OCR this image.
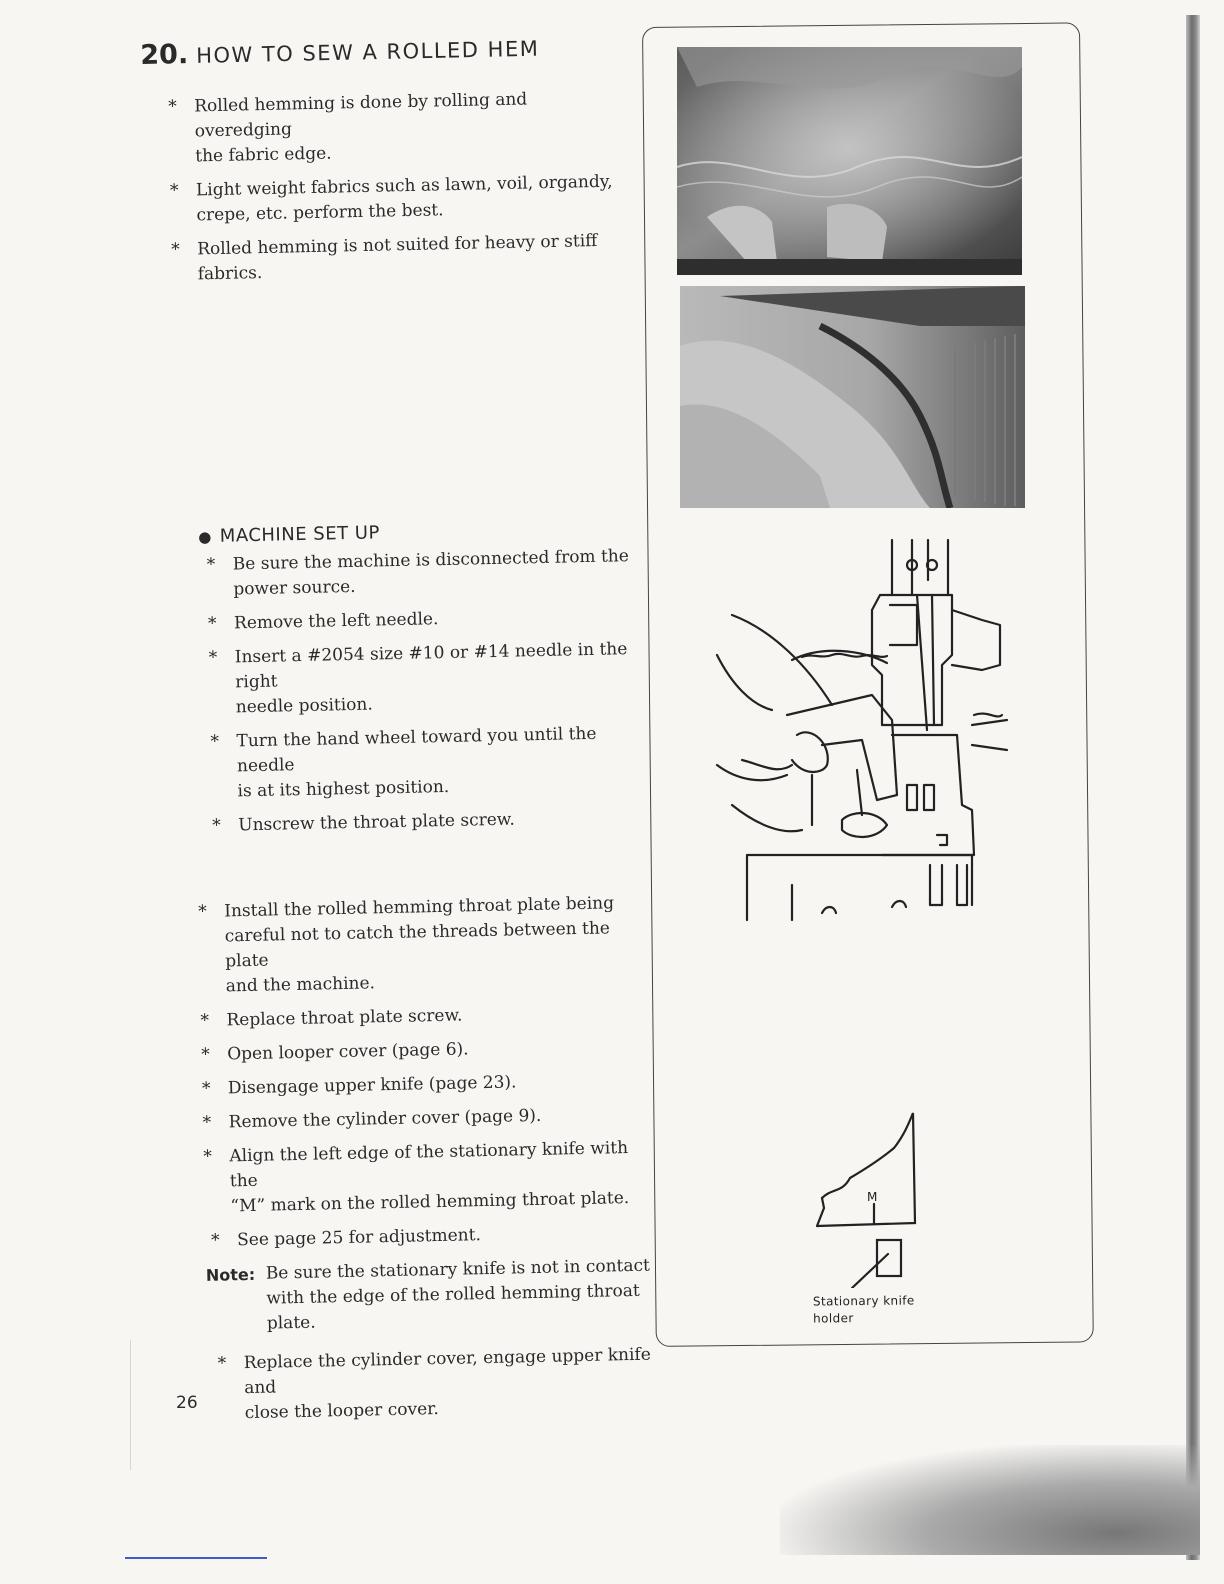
20. HOW TO SEW A ROLLED HEM
* Rolled hemming is done by rolling and overedging
the fabric edge.
* Light weight fabrics such as lawn, voil, organdy,
crepe, etc. perform the best.
* Rolled hemming is not suited for heavy or stiff
fabrics.
● MACHINE SET UP
* Be sure the machine is disconnected from the
power source.
* Remove the left needle.
* Insert a #2054 size #10 or #14 needle in the right
needle position.
* Turn the hand wheel toward you until the needle
is at its highest position.
* Unscrew the throat plate screw.
* Install the rolled hemming throat plate being
careful not to catch the threads between the plate
and the machine.
* Replace throat plate screw.
* Open looper cover (page 6).
* Disengage upper knife (page 23).
* Remove the cylinder cover (page 9).
* Align the left edge of the stationary knife with the
“M” mark on the rolled hemming throat plate.
* See page 25 for adjustment.
Note: Be sure the stationary knife is not in contact
with the edge of the rolled hemming throat
plate.
* Replace the cylinder cover, engage upper knife and
close the looper cover.
26
M
Stationary knife
holder
